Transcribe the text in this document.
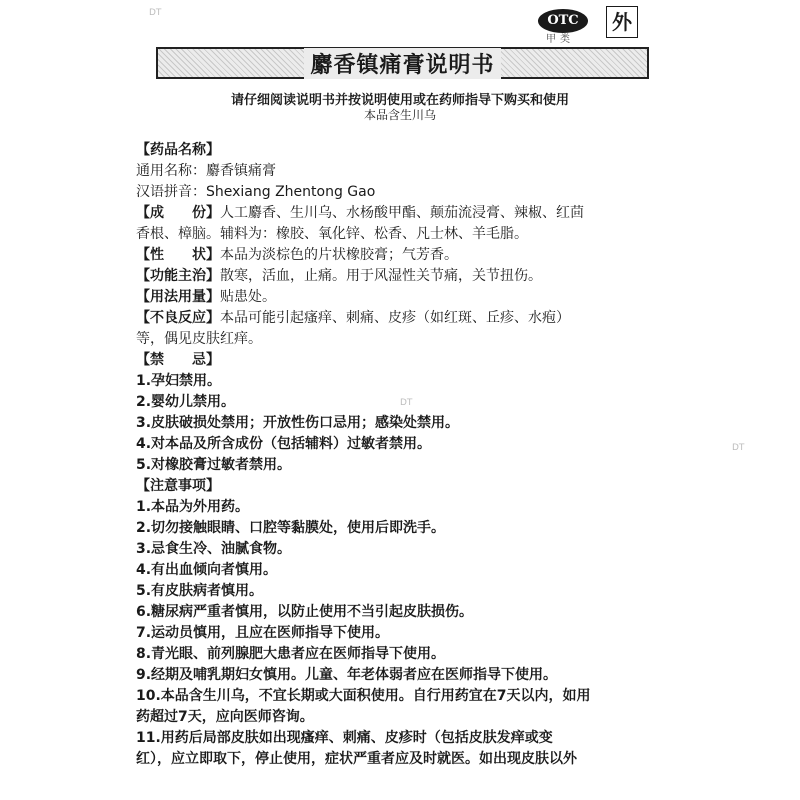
DT
DT
DT
OTC
甲类
外
麝香镇痛膏说明书
请仔细阅读说明书并按说明使用或在药师指导下购买和使用
本品含生川乌
【药品名称】
通用名称：麝香镇痛膏
汉语拼音：Shexiang Zhentong Gao
【成　　份】人工麝香、生川乌、水杨酸甲酯、颠茄流浸膏、辣椒、红茴
香根、樟脑。辅料为：橡胶、氧化锌、松香、凡士林、羊毛脂。
【性　　状】本品为淡棕色的片状橡胶膏；气芳香。
【功能主治】散寒，活血，止痛。用于风湿性关节痛，关节扭伤。
【用法用量】贴患处。
【不良反应】本品可能引起瘙痒、刺痛、皮疹（如红斑、丘疹、水疱）
等，偶见皮肤红痒。
【禁　　忌】
1.孕妇禁用。
2.婴幼儿禁用。
3.皮肤破损处禁用；开放性伤口忌用；感染处禁用。
4.对本品及所含成份（包括辅料）过敏者禁用。
5.对橡胶膏过敏者禁用。
【注意事项】
1.本品为外用药。
2.切勿接触眼睛、口腔等黏膜处，使用后即洗手。
3.忌食生冷、油腻食物。
4.有出血倾向者慎用。
5.有皮肤病者慎用。
6.糖尿病严重者慎用，以防止使用不当引起皮肤损伤。
7.运动员慎用，且应在医师指导下使用。
8.青光眼、前列腺肥大患者应在医师指导下使用。
9.经期及哺乳期妇女慎用。儿童、年老体弱者应在医师指导下使用。
10.本品含生川乌，不宜长期或大面积使用。自行用药宜在7天以内，如用
药超过7天，应向医师咨询。
11.用药后局部皮肤如出现瘙痒、刺痛、皮疹时（包括皮肤发痒或变
红），应立即取下，停止使用，症状严重者应及时就医。如出现皮肤以外
